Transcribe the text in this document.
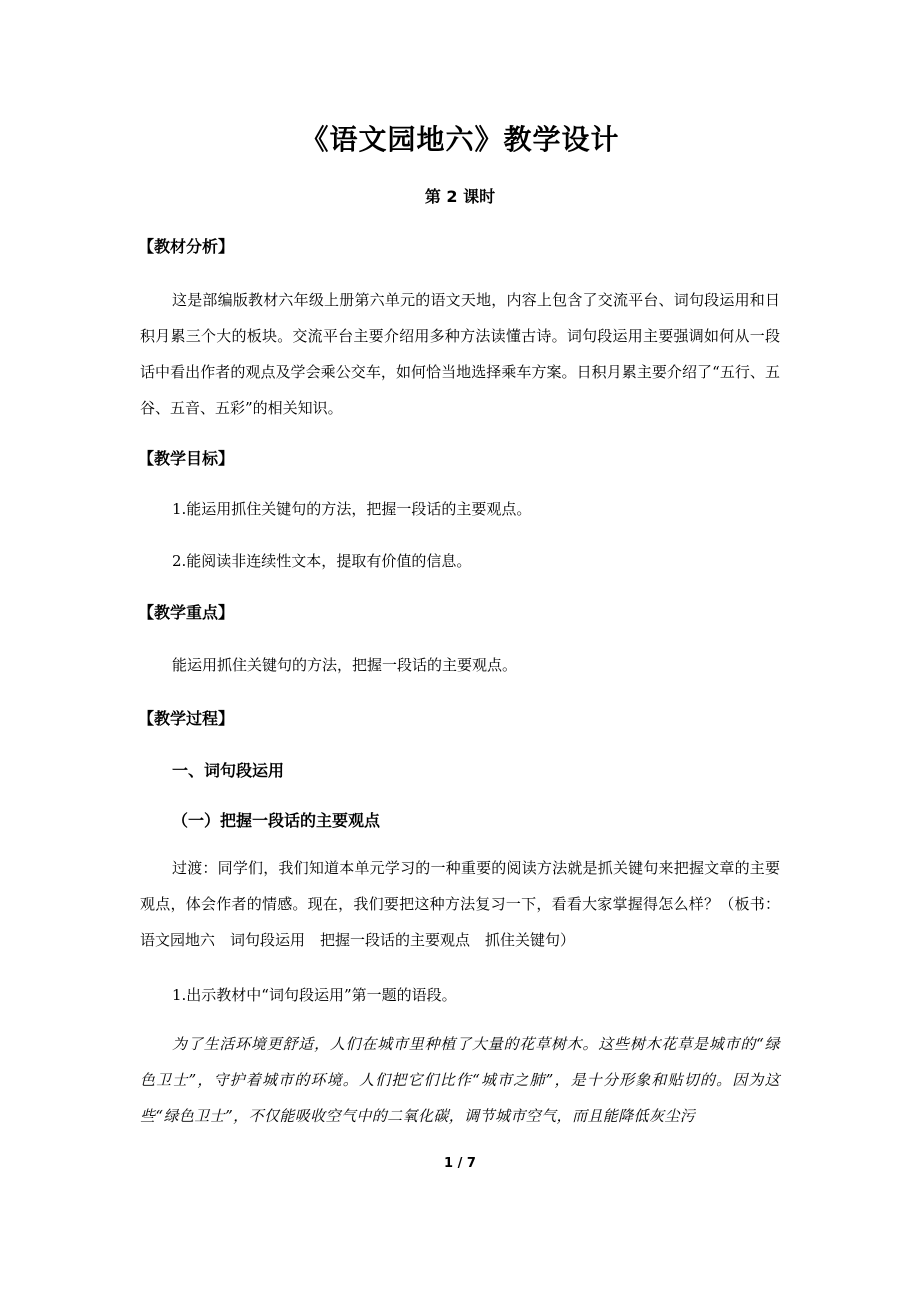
《语文园地六》教学设计
第 2 课时
【教材分析】
这是部编版教材六年级上册第六单元的语文天地，内容上包含了交流平台、词句段运用和日积月累三个大的板块。交流平台主要介绍用多种方法读懂古诗。词句段运用主要强调如何从一段话中看出作者的观点及学会乘公交车，如何恰当地选择乘车方案。日积月累主要介绍了“五行、五谷、五音、五彩”的相关知识。
【教学目标】
1.能运用抓住关键句的方法，把握一段话的主要观点。
2.能阅读非连续性文本，提取有价值的信息。
【教学重点】
能运用抓住关键句的方法，把握一段话的主要观点。
【教学过程】
一、词句段运用
（一）把握一段话的主要观点
过渡：同学们，我们知道本单元学习的一种重要的阅读方法就是抓关键句来把握文章的主要观点，体会作者的情感。现在，我们要把这种方法复习一下，看看大家掌握得怎么样？（板书：语文园地六　词句段运用　把握一段话的主要观点　抓住关键句）
1.出示教材中“词句段运用”第一题的语段。
为了生活环境更舒适，人们在城市里种植了大量的花草树木。这些树木花草是城市的“绿色卫士”，守护着城市的环境。人们把它们比作“城市之肺”，是十分形象和贴切的。因为这些“绿色卫士”，不仅能吸收空气中的二氧化碳，调节城市空气，而且能降低灰尘污
1 / 7
